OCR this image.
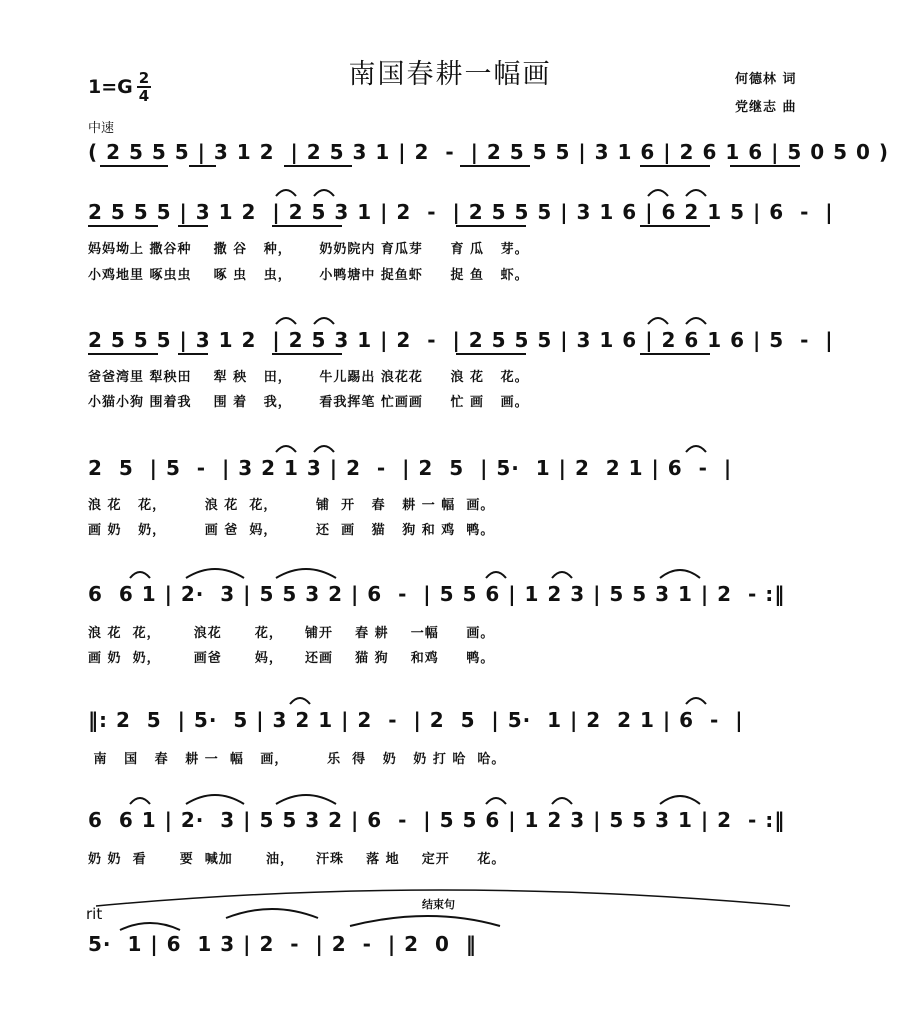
南国春耕一幅画	何德林 词
党继志 曲
$1=G \frac{2}{4}$
中速
( 2 5 5 5 | 3 1 2  | 2 5 3 1 | 2  -  | 2 5 5 5 | 3 1 6 | 2 6 1 6 | 5 0 5 0 )
2 5 5 5 | 3 1 2  | 2 5 3 1 | 2  -  | 2 5 5 5 | 3 1 6 | 6 2 1 5 | 6  -  |
妈妈坳上 撒谷种    撒 谷   种，     奶奶院内 育瓜芽     育 瓜   芽。
小鸡地里 啄虫虫    啄 虫   虫，     小鸭塘中 捉鱼虾     捉 鱼   虾。
2 5 5 5 | 3 1 2  | 2 5 3 1 | 2  -  | 2 5 5 5 | 3 1 6 | 2 6 1 6 | 5  -  |
爸爸湾里 犁秧田    犁 秧   田，     牛儿踢出 浪花花     浪 花   花。
小猫小狗 围着我    围 着   我，     看我挥笔 忙画画     忙 画   画。
2  5  | 5  -  | 3 2 1 3 | 2  -  | 2  5  | 5·  1 | 2  2 1 | 6  -  |
浪 花   花，       浪 花  花，       铺  开   春   耕 一 幅  画。
画 奶   奶，       画 爸  妈，       还  画   猫   狗 和 鸡  鸭。
6  6 1 | 2·  3 | 5 5 3 2 | 6  -  | 5 5 6 | 1 2 3 | 5 5 3 1 | 2  - :‖
浪 花  花，      浪花      花，    铺开    春 耕    一幅     画。
画 奶  奶，      画爸      妈，    还画    猫 狗    和鸡     鸭。
‖: 2  5  | 5·  5 | 3 2 1 | 2  -  | 2  5  | 5·  1 | 2  2 1 | 6  -  |
南   国   春   耕 一  幅   画，       乐  得   奶   奶 打 哈  哈。
6  6 1 | 2·  3 | 5 5 3 2 | 6  -  | 5 5 6 | 1 2 3 | 5 5 3 1 | 2  - :‖
奶 奶  看      要  喊加      油，    汗珠    落 地    定开     花。
rit
结束句
5·  1 | 6  1 3 | 2  -  | 2  -  | 2  0  ‖
